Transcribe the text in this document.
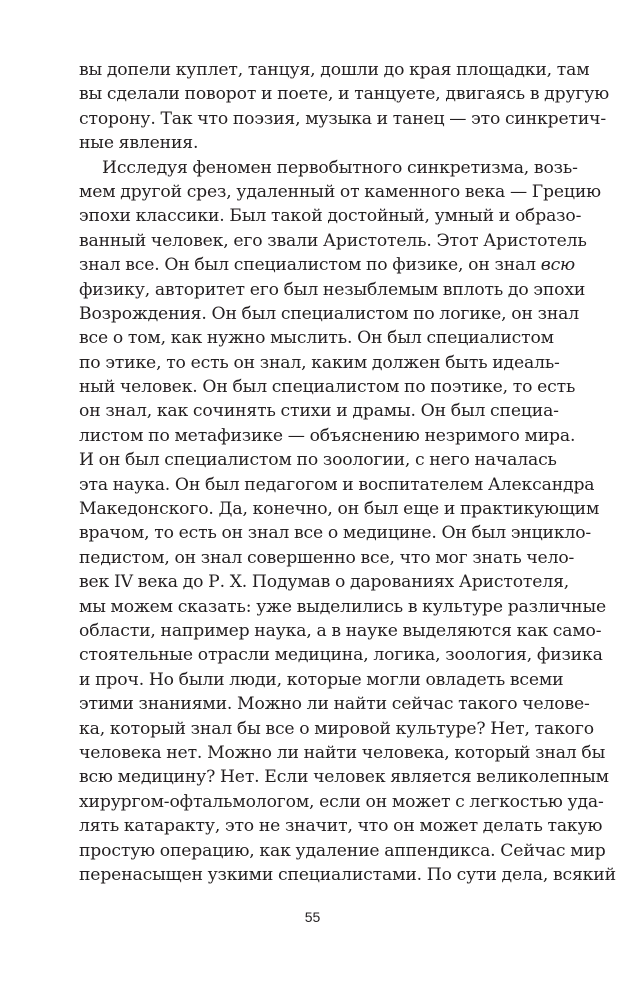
вы допели куплет, танцуя, дошли до края площадки, там
вы сделали поворот и поете, и танцуете, двигаясь в другую
сторону. Так что поэзия, музыка и танец — это синкретич-
ные явления.
Исследуя феномен первобытного синкретизма, возь-
мем другой срез, удаленный от каменного века — Грецию
эпохи классики. Был такой достойный, умный и образо-
ванный человек, его звали Аристотель. Этот Аристотель
знал все. Он был специалистом по физике, он знал всю
физику, авторитет его был незыблемым вплоть до эпохи
Возрождения. Он был специалистом по логике, он знал
все о том, как нужно мыслить. Он был специалистом
по этике, то есть он знал, каким должен быть идеаль-
ный человек. Он был специалистом по поэтике, то есть
он знал, как сочинять стихи и драмы. Он был специа-
листом по метафизике — объяснению незримого мира.
И он был специалистом по зоологии, с него началась
эта наука. Он был педагогом и воспитателем Александра
Македонского. Да, конечно, он был еще и практикующим
врачом, то есть он знал все о медицине. Он был энцикло-
педистом, он знал совершенно все, что мог знать чело-
век IV века до Р. Х. Подумав о дарованиях Аристотеля,
мы можем сказать: уже выделились в культуре различные
области, например наука, а в науке выделяются как само-
стоятельные отрасли медицина, логика, зоология, физика
и проч. Но были люди, которые могли овладеть всеми
этими знаниями. Можно ли найти сейчас такого челове-
ка, который знал бы все о мировой культуре? Нет, такого
человека нет. Можно ли найти человека, который знал бы
всю медицину? Нет. Если человек является великолепным
хирургом-офтальмологом, если он может с легкостью уда-
лять катаракту, это не значит, что он может делать такую
простую операцию, как удаление аппендикса. Сейчас мир
перенасыщен узкими специалистами. По сути дела, всякий
55
